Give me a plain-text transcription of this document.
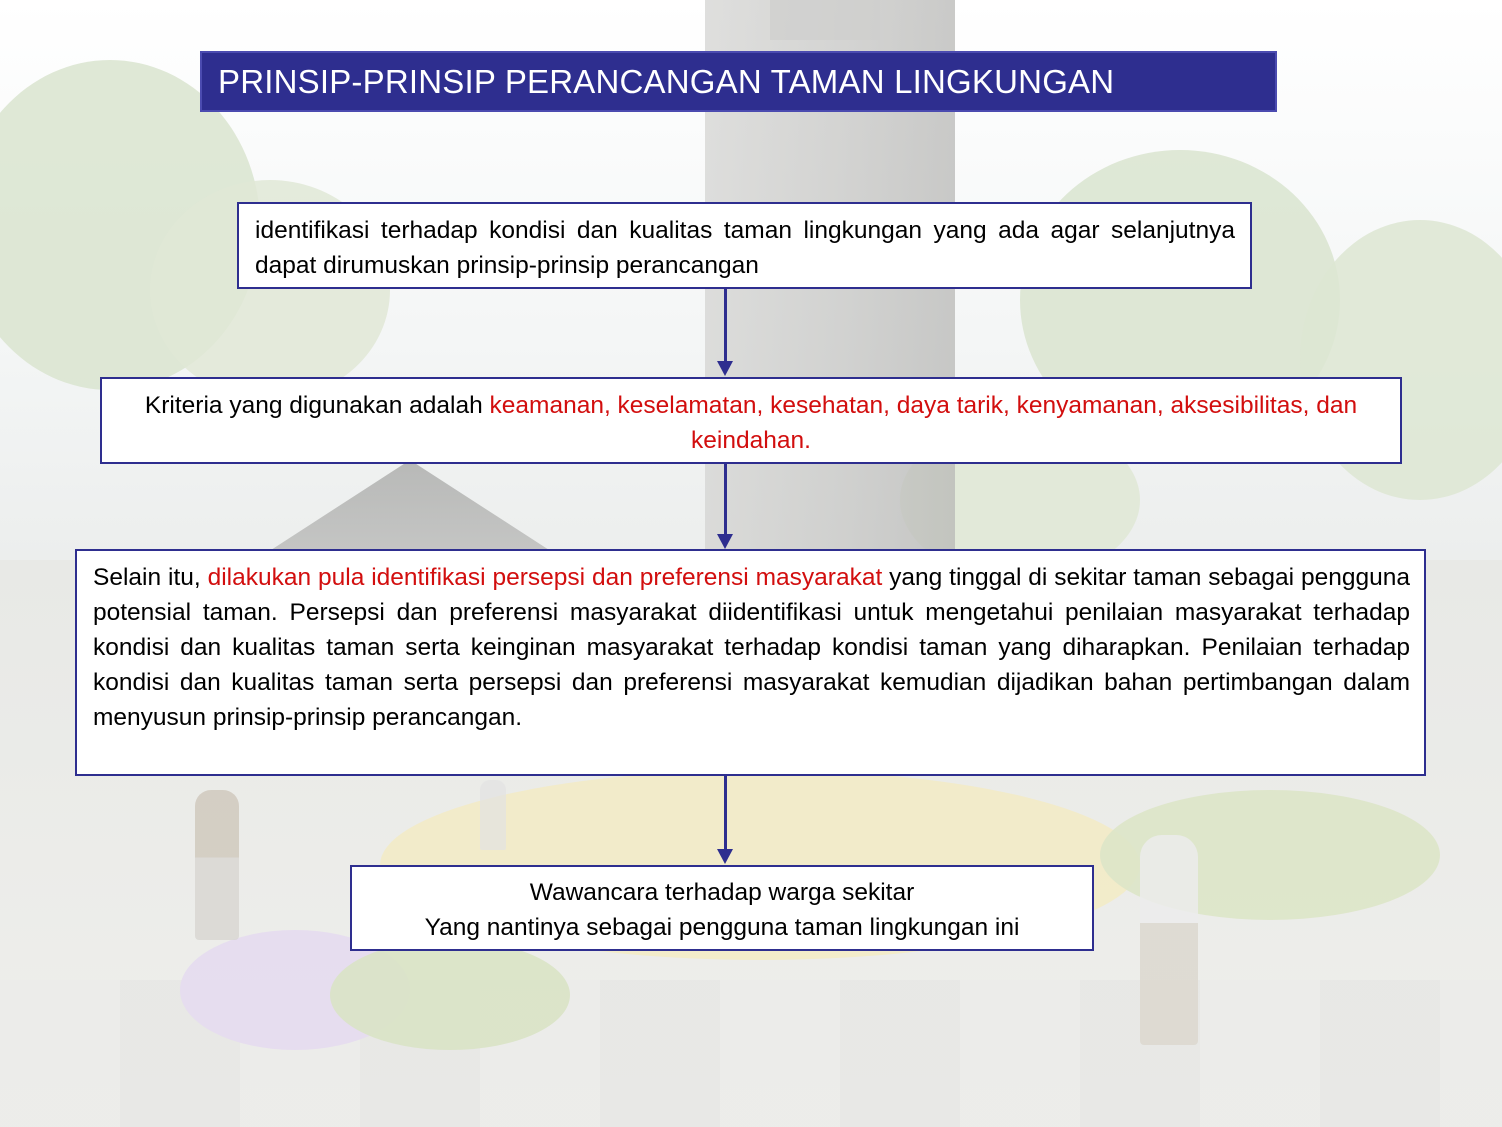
PRINSIP-PRINSIP PERANCANGAN TAMAN LINGKUNGAN
identifikasi terhadap kondisi dan kualitas taman lingkungan yang ada agar selanjutnya dapat dirumuskan prinsip-prinsip perancangan
Kriteria yang digunakan adalah keamanan, keselamatan, kesehatan, daya tarik, kenyamanan, aksesibilitas, dan keindahan.
Selain itu, dilakukan pula identifikasi persepsi dan preferensi masyarakat yang tinggal di sekitar taman sebagai pengguna potensial taman. Persepsi dan preferensi masyarakat diidentifikasi untuk mengetahui penilaian masyarakat terhadap kondisi dan kualitas taman serta keinginan masyarakat terhadap kondisi taman yang diharapkan. Penilaian terhadap kondisi dan kualitas taman serta persepsi dan preferensi masyarakat kemudian dijadikan bahan pertimbangan dalam menyusun prinsip-prinsip perancangan.
Wawancara terhadap warga sekitar
Yang nantinya sebagai pengguna taman lingkungan ini
